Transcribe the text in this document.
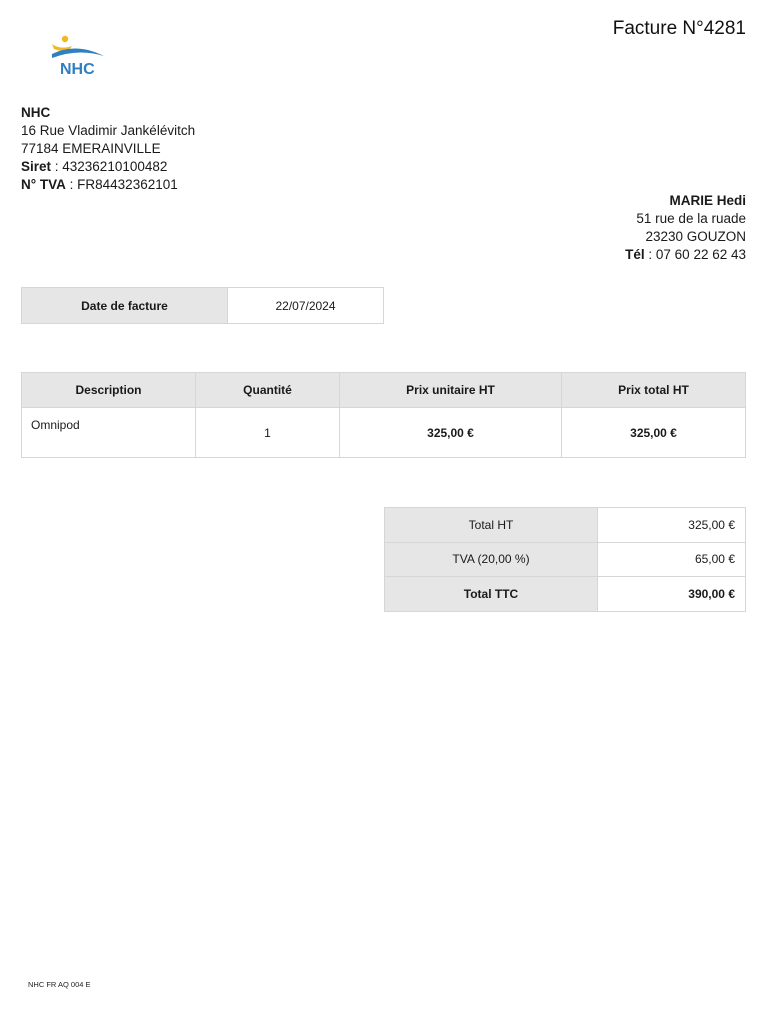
Facture N°4281
NHC
NHC
16 Rue Vladimir Jankélévitch
77184 EMERAINVILLE
Siret : 43236210100482
N° TVA : FR84432362101
MARIE Hedi
51 rue de la ruade
23230 GOUZON
Tél : 07 60 22 62 43
Date de facture	22/07/2024
Description	Quantité	Prix unitaire HT	Prix total HT
Omnipod	1	325,00 €	325,00 €
Total HT	325,00 €
TVA (20,00 %)	65,00 €
Total TTC	390,00 €
NHC FR AQ 004 E
